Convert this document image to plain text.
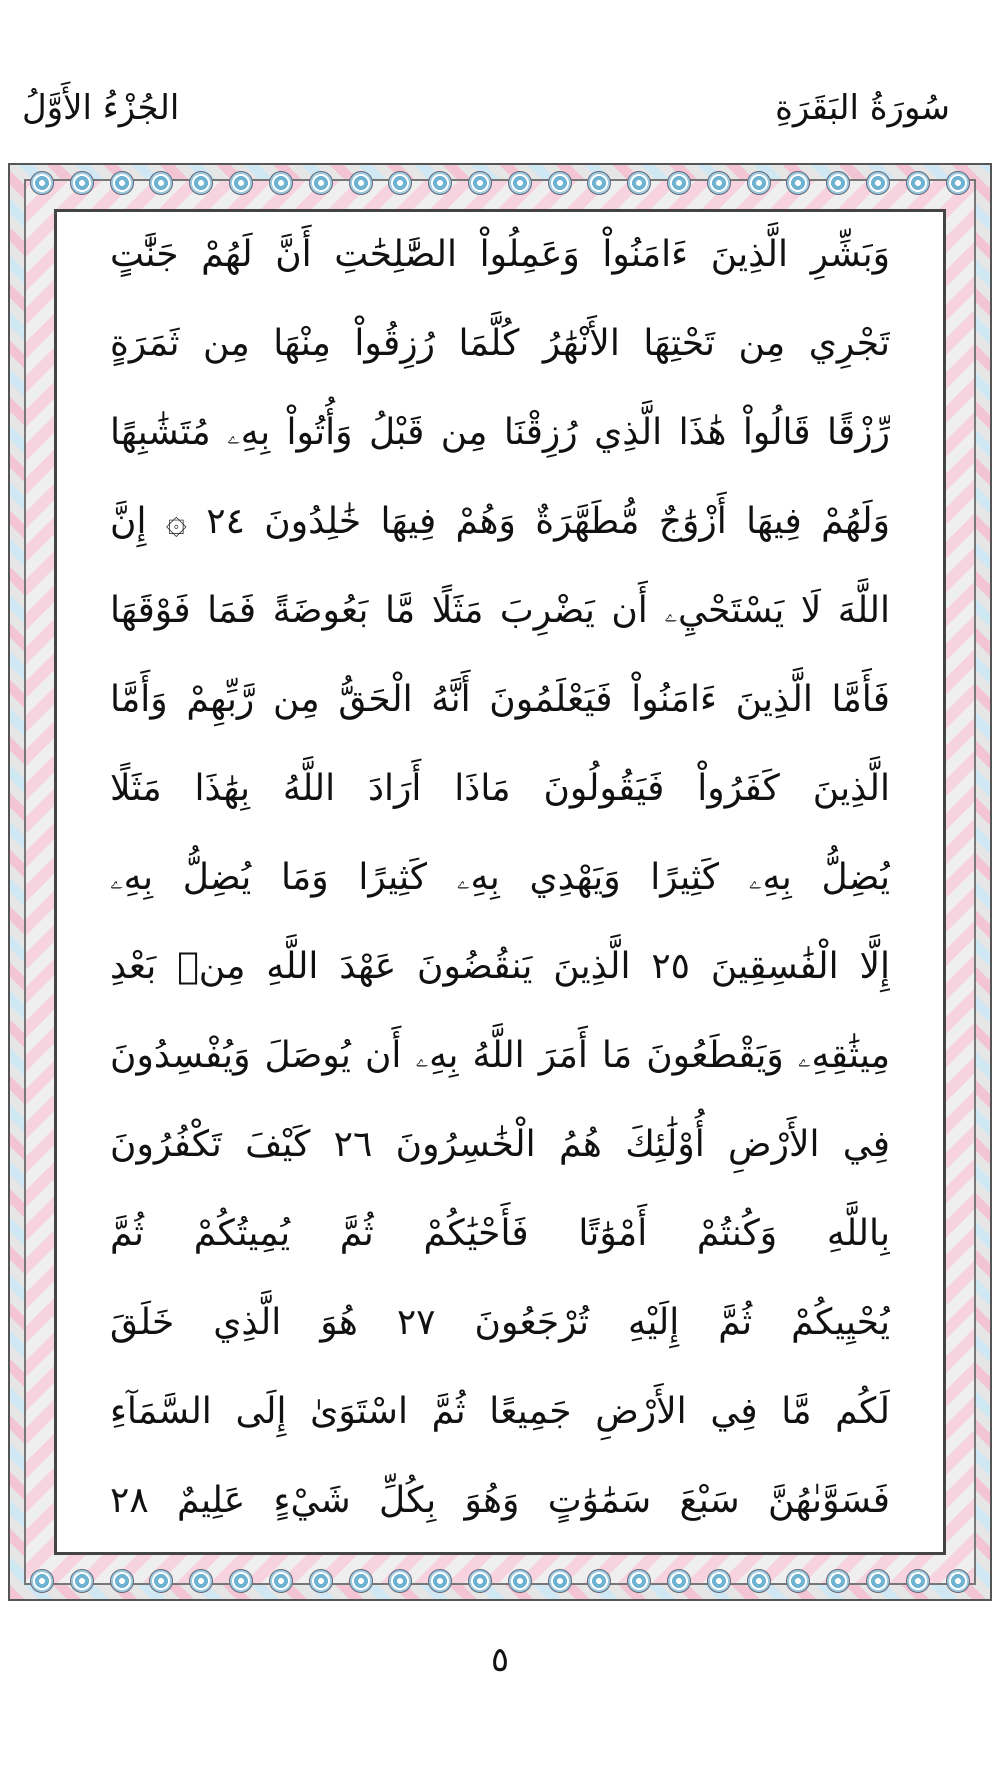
سُورَةُ البَقَرَةِ
الجُزْءُ الأَوَّلُ
وَبَشِّرِ الَّذِينَ ءَامَنُواْ وَعَمِلُواْ الصَّٰلِحَٰتِ أَنَّ لَهُمْ جَنَّٰتٍ
تَجْرِي مِن تَحْتِهَا الأَنْهَٰرُ كُلَّمَا رُزِقُواْ مِنْهَا مِن ثَمَرَةٍ
رِّزْقًا قَالُواْ هَٰذَا الَّذِي رُزِقْنَا مِن قَبْلُ وَأُتُواْ بِهِۦ مُتَشَٰبِهًا
وَلَهُمْ فِيهَا أَزْوَٰجٌ مُّطَهَّرَةٌ وَهُمْ فِيهَا خَٰلِدُونَ ٢٤ ۞ إِنَّ
اللَّهَ لَا يَسْتَحْيِۦ أَن يَضْرِبَ مَثَلًا مَّا بَعُوضَةً فَمَا فَوْقَهَا
فَأَمَّا الَّذِينَ ءَامَنُواْ فَيَعْلَمُونَ أَنَّهُ الْحَقُّ مِن رَّبِّهِمْ وَأَمَّا
الَّذِينَ كَفَرُواْ فَيَقُولُونَ مَاذَا أَرَادَ اللَّهُ بِهَٰذَا مَثَلًا
يُضِلُّ بِهِۦ كَثِيرًا وَيَهْدِي بِهِۦ كَثِيرًا وَمَا يُضِلُّ بِهِۦ
إِلَّا الْفَٰسِقِينَ ٢٥ الَّذِينَ يَنقُضُونَ عَهْدَ اللَّهِ مِنۢ بَعْدِ
مِيثَٰقِهِۦ وَيَقْطَعُونَ مَا أَمَرَ اللَّهُ بِهِۦ أَن يُوصَلَ وَيُفْسِدُونَ
فِي الأَرْضِ أُوْلَٰئِكَ هُمُ الْخَٰسِرُونَ ٢٦ كَيْفَ تَكْفُرُونَ
بِاللَّهِ وَكُنتُمْ أَمْوَٰتًا فَأَحْيَٰكُمْ ثُمَّ يُمِيتُكُمْ ثُمَّ
يُحْيِيكُمْ ثُمَّ إِلَيْهِ تُرْجَعُونَ ٢٧ هُوَ الَّذِي خَلَقَ
لَكُم مَّا فِي الأَرْضِ جَمِيعًا ثُمَّ اسْتَوَىٰ إِلَى السَّمَآءِ
فَسَوَّىٰهُنَّ سَبْعَ سَمَٰوَٰتٍ وَهُوَ بِكُلِّ شَيْءٍ عَلِيمٌ ٢٨
٥
